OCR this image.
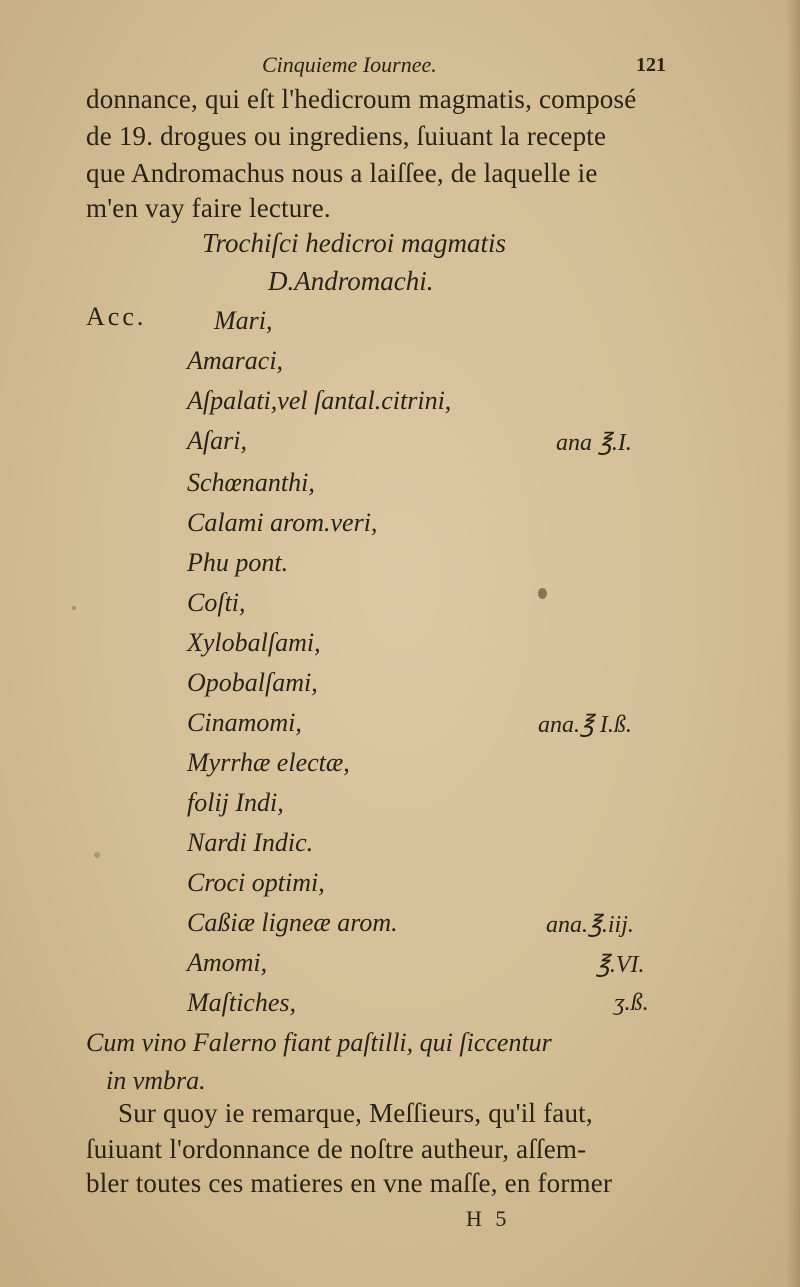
Cinquieme Iournee.	121
donnance, qui eſt l'hedicroum magmatis, composé
de 19. drogues ou ingrediens, ſuiuant la recepte
que Andromachus nous a laiſſee, de laquelle ie
m'en vay faire lecture.
Trochiſci hedicroi magmatis
D.Andromachi.
Acc.	Mari,
Amaraci,
Aſpalati,vel ſantal.citrini,
Aſari,
Schœnanthi,
Calami arom.veri,
Phu pont.
Coſti,
Xylobalſami,
Opobalſami,
Cinamomi,
Myrrhæ electæ,
folij Indi,
Nardi Indic.
Croci optimi,
Caßiæ ligneæ arom.
Amomi,
Maſtiches,
ana ℥.I.
ana.℥ I.ß.
ana.℥.iij.
℥.VI.
ʒ.ß.
Cum vino Falerno fiant paſtilli, qui ſiccentur
in vmbra.
Sur quoy ie remarque, Meſſieurs, qu'il faut,
ſuiuant l'ordonnance de noſtre autheur, aſſem-
bler toutes ces matieres en vne maſſe, en former
H 5
